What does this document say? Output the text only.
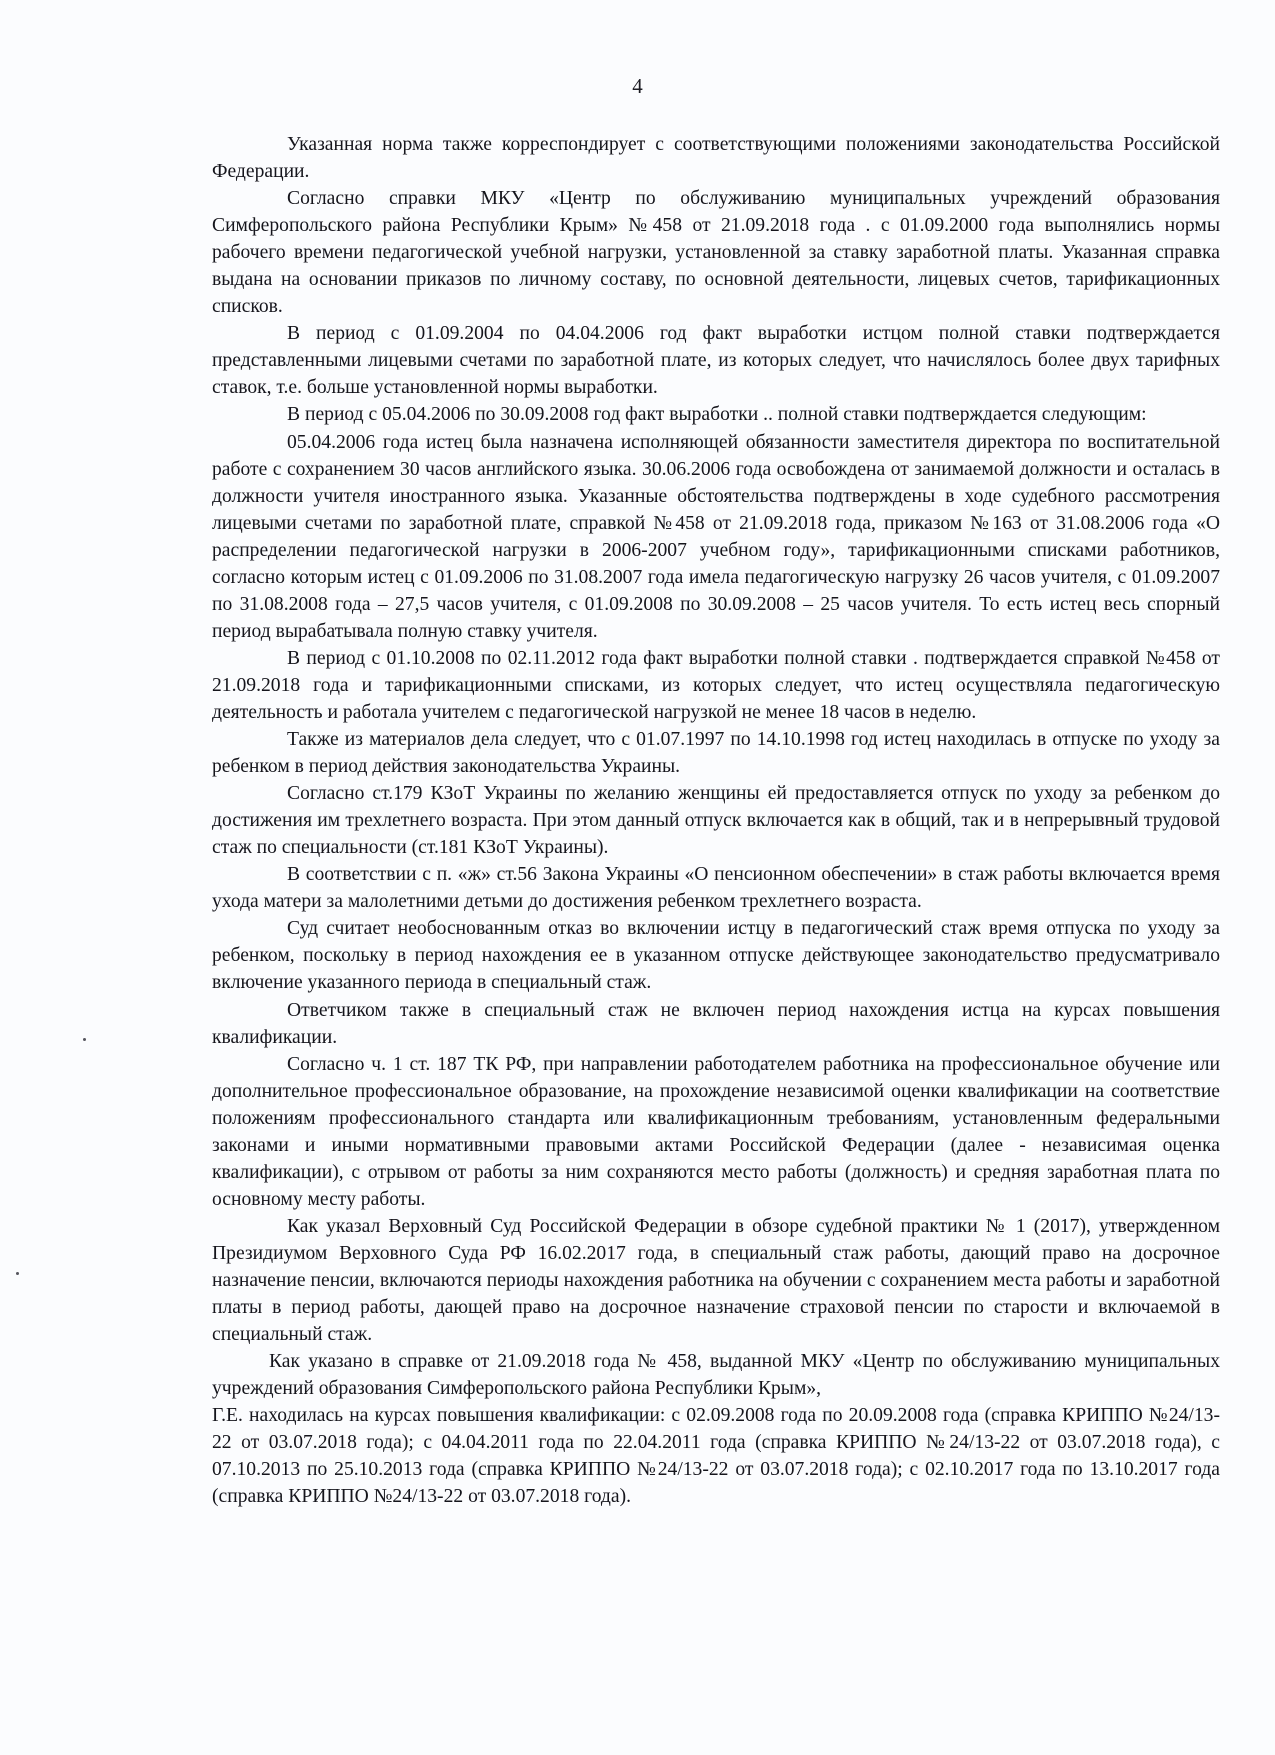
4

Указанная норма также корреспондирует с соответствующими положениями законодательства Российской Федерации.

Согласно справки МКУ «Центр по обслуживанию муниципальных учреждений образования Симферопольского района Республики Крым» №458 от 21.09.2018 года . с 01.09.2000 года выполнялись нормы рабочего времени педагогической учебной нагрузки, установленной за ставку заработной платы. Указанная справка выдана на основании приказов по личному составу, по основной деятельности, лицевых счетов, тарификационных списков.

В период с 01.09.2004 по 04.04.2006 год факт выработки истцом полной ставки подтверждается представленными лицевыми счетами по заработной плате, из которых следует, что начислялось более двух тарифных ставок, т.е. больше установленной нормы выработки.

В период с 05.04.2006 по 30.09.2008 год факт выработки .. полной ставки подтверждается следующим:

05.04.2006 года истец была назначена исполняющей обязанности заместителя директора по воспитательной работе с сохранением 30 часов английского языка. 30.06.2006 года освобождена от занимаемой должности и осталась в должности учителя иностранного языка. Указанные обстоятельства подтверждены в ходе судебного рассмотрения лицевыми счетами по заработной плате, справкой №458 от 21.09.2018 года, приказом №163 от 31.08.2006 года «О распределении педагогической нагрузки в 2006-2007 учебном году», тарификационными списками работников, согласно которым истец с 01.09.2006 по 31.08.2007 года имела педагогическую нагрузку 26 часов учителя, с 01.09.2007 по 31.08.2008 года – 27,5 часов учителя, с 01.09.2008 по 30.09.2008 – 25 часов учителя. То есть истец весь спорный период вырабатывала полную ставку учителя.

В период с 01.10.2008 по 02.11.2012 года факт выработки полной ставки . подтверждается справкой №458 от 21.09.2018 года и тарификационными списками, из которых следует, что истец осуществляла педагогическую деятельность и работала учителем с педагогической нагрузкой не менее 18 часов в неделю.

Также из материалов дела следует, что с 01.07.1997 по 14.10.1998 год истец находилась в отпуске по уходу за ребенком в период действия законодательства Украины.

Согласно ст.179 КЗоТ Украины по желанию женщины ей предоставляется отпуск по уходу за ребенком до достижения им трехлетнего возраста. При этом данный отпуск включается как в общий, так и в непрерывный трудовой стаж по специальности (ст.181 КЗоТ Украины).

В соответствии с п. «ж» ст.56 Закона Украины «О пенсионном обеспечении» в стаж работы включается время ухода матери за малолетними детьми до достижения ребенком трехлетнего возраста.

Суд считает необоснованным отказ во включении истцу в педагогический стаж время отпуска по уходу за ребенком, поскольку в период нахождения ее в указанном отпуске действующее законодательство предусматривало включение указанного периода в специальный стаж.

Ответчиком также в специальный стаж не включен период нахождения истца на курсах повышения квалификации.

Согласно ч. 1 ст. 187 ТК РФ, при направлении работодателем работника на профессиональное обучение или дополнительное профессиональное образование, на прохождение независимой оценки квалификации на соответствие положениям профессионального стандарта или квалификационным требованиям, установленным федеральными законами и иными нормативными правовыми актами Российской Федерации (далее - независимая оценка квалификации), с отрывом от работы за ним сохраняются место работы (должность) и средняя заработная плата по основному месту работы.

Как указал Верховный Суд Российской Федерации в обзоре судебной практики № 1 (2017), утвержденном Президиумом Верховного Суда РФ 16.02.2017 года, в специальный стаж работы, дающий право на досрочное назначение пенсии, включаются периоды нахождения работника на обучении с сохранением места работы и заработной платы в период работы, дающей право на досрочное назначение страховой пенсии по старости и включаемой в специальный стаж.

Как указано в справке от 21.09.2018 года № 458, выданной МКУ «Центр по обслуживанию муниципальных учреждений образования Симферопольского района Республики Крым»,

Г.Е. находилась на курсах повышения квалификации: с 02.09.2008 года по 20.09.2008 года (справка КРИППО №24/13-22 от 03.07.2018 года); с 04.04.2011 года по 22.04.2011 года (справка КРИППО №24/13-22 от 03.07.2018 года), с 07.10.2013 по 25.10.2013 года (справка КРИППО №24/13-22 от 03.07.2018 года); с 02.10.2017 года по 13.10.2017 года (справка КРИППО №24/13-22 от 03.07.2018 года).
